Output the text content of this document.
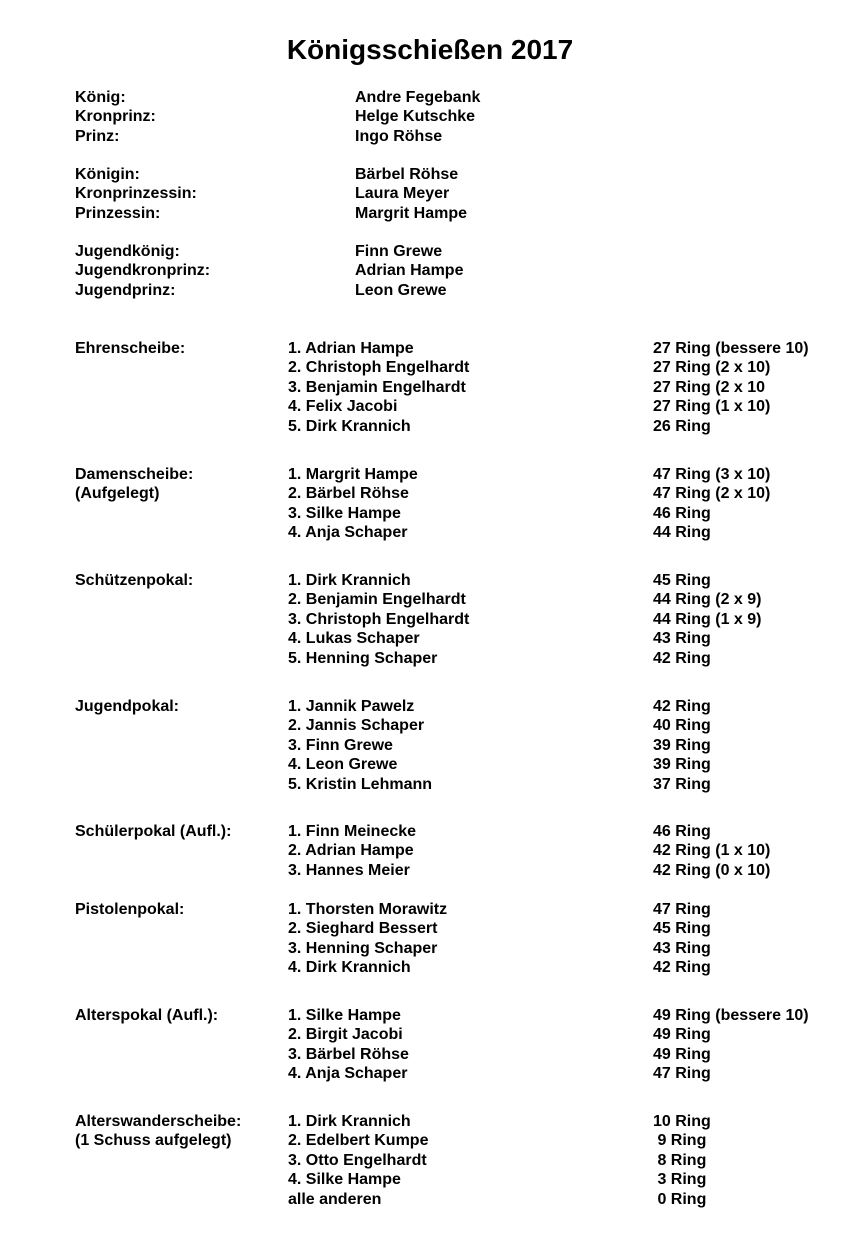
Königsschießen 2017
König:	Andre Fegebank
Kronprinz:	Helge Kutschke
Prinz:	Ingo Röhse
Königin:	Bärbel Röhse
Kronprinzessin:	Laura Meyer
Prinzessin:	Margrit Hampe
Jugendkönig:	Finn Grewe
Jugendkronprinz:	Adrian Hampe
Jugendprinz:	Leon Grewe
Ehrenscheibe:	1. Adrian Hampe	27 Ring (bessere 10)
2. Christoph Engelhardt	27 Ring (2 x 10)
3. Benjamin Engelhardt	27 Ring (2 x 10
4. Felix Jacobi	27 Ring (1 x 10)
5. Dirk Krannich	26 Ring
Damenscheibe:
(Aufgelegt)
1. Margrit Hampe	47 Ring (3 x 10)
2. Bärbel Röhse	47 Ring (2 x 10)
3. Silke Hampe	46 Ring
4. Anja Schaper	44 Ring
Schützenpokal:	1. Dirk Krannich	45 Ring
2. Benjamin Engelhardt	44 Ring (2 x 9)
3. Christoph Engelhardt	44 Ring (1 x 9)
4. Lukas Schaper	43 Ring
5. Henning Schaper	42 Ring
Jugendpokal:	1. Jannik Pawelz	42 Ring
2. Jannis Schaper	40 Ring
3. Finn Grewe	39 Ring
4. Leon Grewe	39 Ring
5. Kristin Lehmann	37 Ring
Schülerpokal (Aufl.):	1. Finn Meinecke	46 Ring
2. Adrian Hampe	42 Ring (1 x 10)
3. Hannes Meier	42 Ring (0 x 10)
Pistolenpokal:	1. Thorsten Morawitz	47 Ring
2. Sieghard Bessert	45 Ring
3. Henning Schaper	43 Ring
4. Dirk Krannich	42 Ring
Alterspokal (Aufl.):	1. Silke Hampe	49 Ring (bessere 10)
2. Birgit Jacobi	49 Ring
3. Bärbel Röhse	49 Ring
4. Anja Schaper	47 Ring
Alterswanderscheibe:
(1 Schuss aufgelegt)
1. Dirk Krannich	10 Ring
2. Edelbert Kumpe	9 Ring
3. Otto Engelhardt	8 Ring
4. Silke Hampe	3 Ring
alle anderen	0 Ring
